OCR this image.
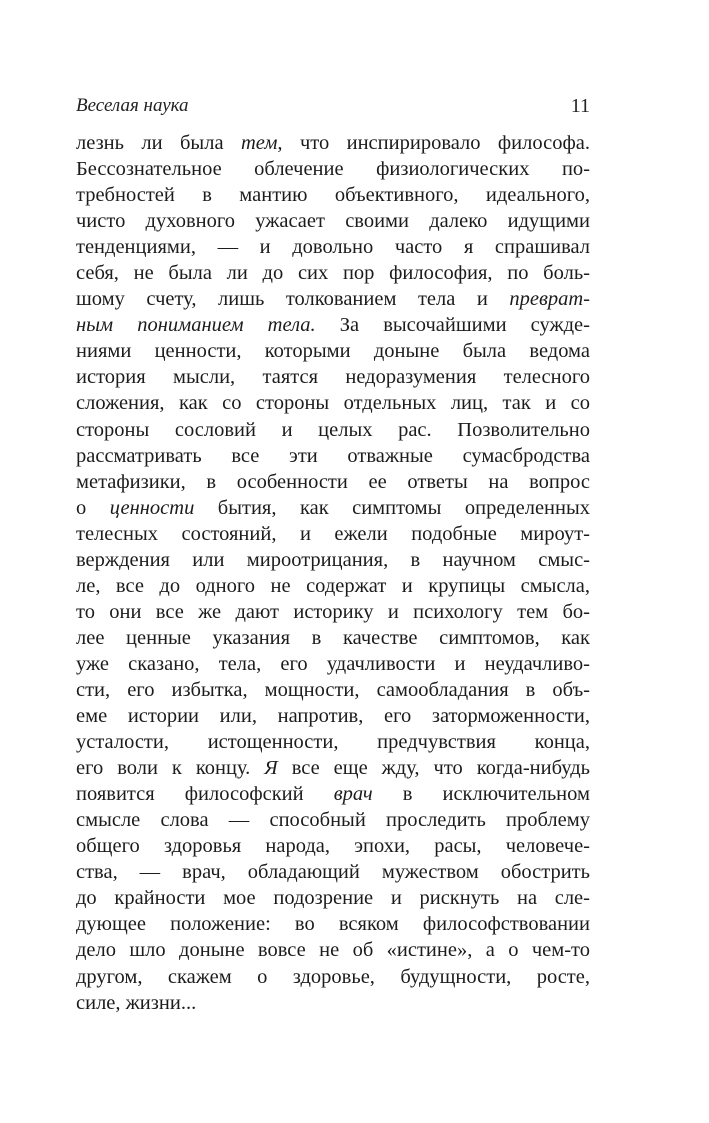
Веселая наука	11
лезнь ли была тем, что инспирировало философа.
Бессознательное облечение физиологических по-
требностей в мантию объективного, идеального,
чисто духовного ужасает своими далеко идущими
тенденциями, — и довольно часто я спрашивал
себя, не была ли до сих пор философия, по боль-
шому счету, лишь толкованием тела и преврат-
ным пониманием тела. За высочайшими сужде-
ниями ценности, которыми доныне была ведома
история мысли, таятся недоразумения телесного
сложения, как со стороны отдельных лиц, так и со
стороны сословий и целых рас. Позволительно
рассматривать все эти отважные сумасбродства
метафизики, в особенности ее ответы на вопрос
о ценности бытия, как симптомы определенных
телесных состояний, и ежели подобные мироут-
верждения или мироотрицания, в научном смыс-
ле, все до одного не содержат и крупицы смысла,
то они все же дают историку и психологу тем бо-
лее ценные указания в качестве симптомов, как
уже сказано, тела, его удачливости и неудачливо-
сти, его избытка, мощности, самообладания в объ-
еме истории или, напротив, его заторможенности,
усталости, истощенности, предчувствия конца,
его воли к концу. Я все еще жду, что когда-нибудь
появится философский врач в исключительном
смысле слова — способный проследить проблему
общего здоровья народа, эпохи, расы, человече-
ства, — врач, обладающий мужеством обострить
до крайности мое подозрение и рискнуть на сле-
дующее положение: во всяком философствовании
дело шло доныне вовсе не об «истине», а о чем-то
другом, скажем о здоровье, будущности, росте,
силе, жизни...
